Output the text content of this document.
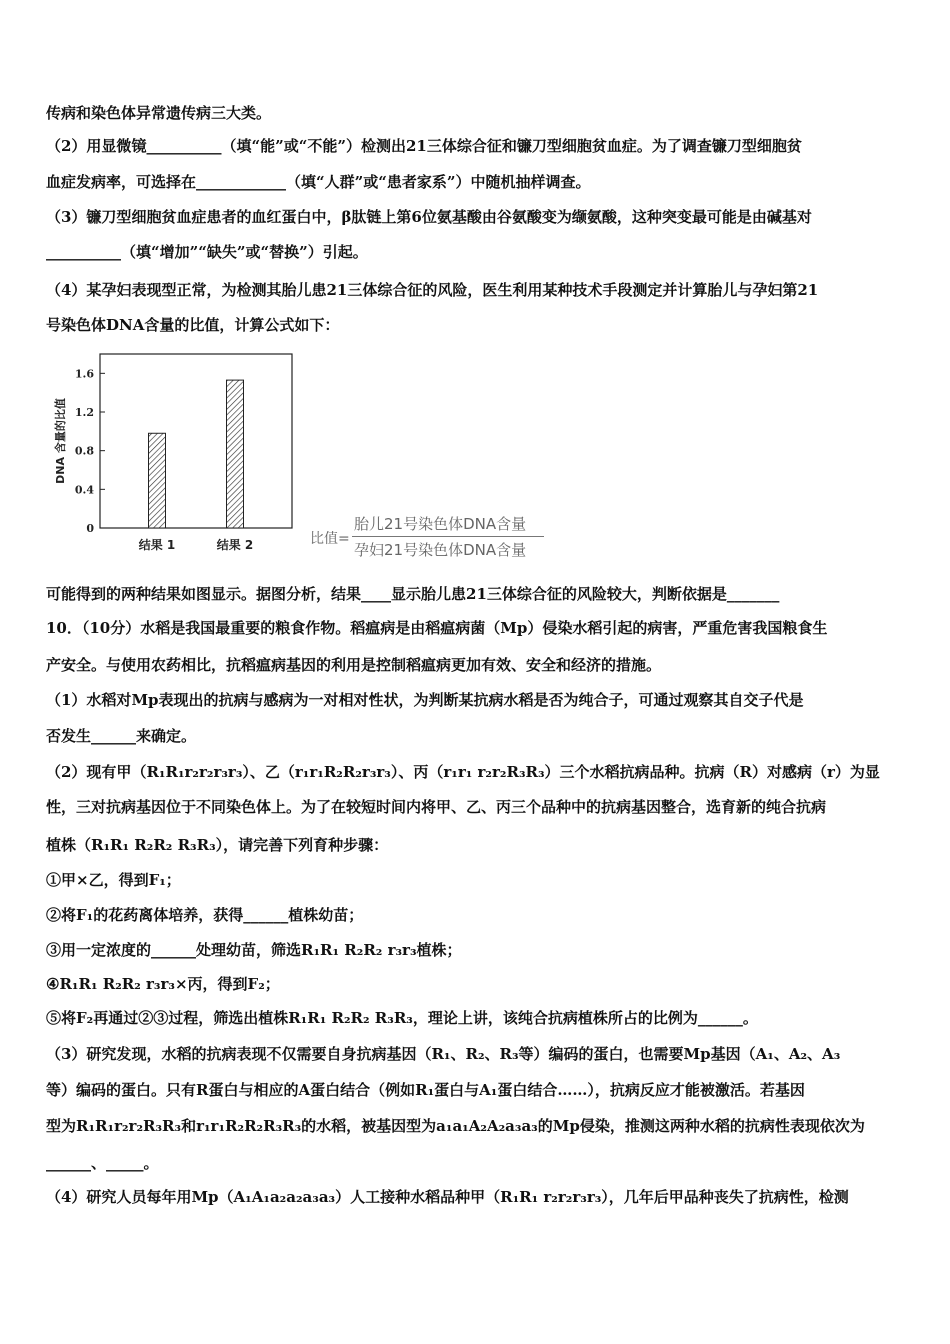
传病和染色体异常遗传病三大类。
（2）用显微镜__________（填“能”或“不能”）检测出21三体综合征和镰刀型细胞贫血症。为了调查镰刀型细胞贫
血症发病率，可选择在____________（填“人群”或“患者家系”）中随机抽样调查。
（3）镰刀型细胞贫血症患者的血红蛋白中，β肽链上第6位氨基酸由谷氨酸变为缬氨酸，这种突变最可能是由碱基对
__________（填“增加”“缺失”或“替换”）引起。
（4）某孕妇表现型正常，为检测其胎儿患21三体综合征的风险，医生利用某种技术手段测定并计算胎儿与孕妇第21
号染色体DNA含量的比值，计算公式如下：
0
0.4
0.8
1.2
1.6
DNA 含量的比值
结果 1	结果 2	比值=
胎儿21号染色体DNA含量
孕妇21号染色体DNA含量
可能得到的两种结果如图显示。据图分析，结果____显示胎儿患21三体综合征的风险较大，判断依据是_______
10．（10分）水稻是我国最重要的粮食作物。稻瘟病是由稻瘟病菌（Mp）侵染水稻引起的病害，严重危害我国粮食生
产安全。与使用农药相比，抗稻瘟病基因的利用是控制稻瘟病更加有效、安全和经济的措施。
（1）水稻对Mp表现出的抗病与感病为一对相对性状，为判断某抗病水稻是否为纯合子，可通过观察其自交子代是
否发生______来确定。
（2）现有甲（R₁R₁r₂r₂r₃r₃）、乙（r₁r₁R₂R₂r₃r₃）、丙（r₁r₁ r₂r₂R₃R₃）三个水稻抗病品种。抗病（R）对感病（r）为显
性，三对抗病基因位于不同染色体上。为了在较短时间内将甲、乙、丙三个品种中的抗病基因整合，选育新的纯合抗病
植株（R₁R₁ R₂R₂ R₃R₃），请完善下列育种步骤：
①甲×乙，得到F₁；
②将F₁的花药离体培养，获得______植株幼苗；
③用一定浓度的______处理幼苗，筛选R₁R₁ R₂R₂ r₃r₃植株；
④R₁R₁ R₂R₂ r₃r₃×丙，得到F₂；
⑤将F₂再通过②③过程，筛选出植株R₁R₁ R₂R₂ R₃R₃，理论上讲，该纯合抗病植株所占的比例为______。
（3）研究发现，水稻的抗病表现不仅需要自身抗病基因（R₁、R₂、R₃等）编码的蛋白，也需要Mp基因（A₁、A₂、A₃
等）编码的蛋白。只有R蛋白与相应的A蛋白结合（例如R₁蛋白与A₁蛋白结合……），抗病反应才能被激活。若基因
型为R₁R₁r₂r₂R₃R₃和r₁r₁R₂R₂R₃R₃的水稻，被基因型为a₁a₁A₂A₂a₃a₃的Mp侵染，推测这两种水稻的抗病性表现依次为
______、_____。
（4）研究人员每年用Mp（A₁A₁a₂a₂a₃a₃）人工接种水稻品种甲（R₁R₁ r₂r₂r₃r₃），几年后甲品种丧失了抗病性，检测
